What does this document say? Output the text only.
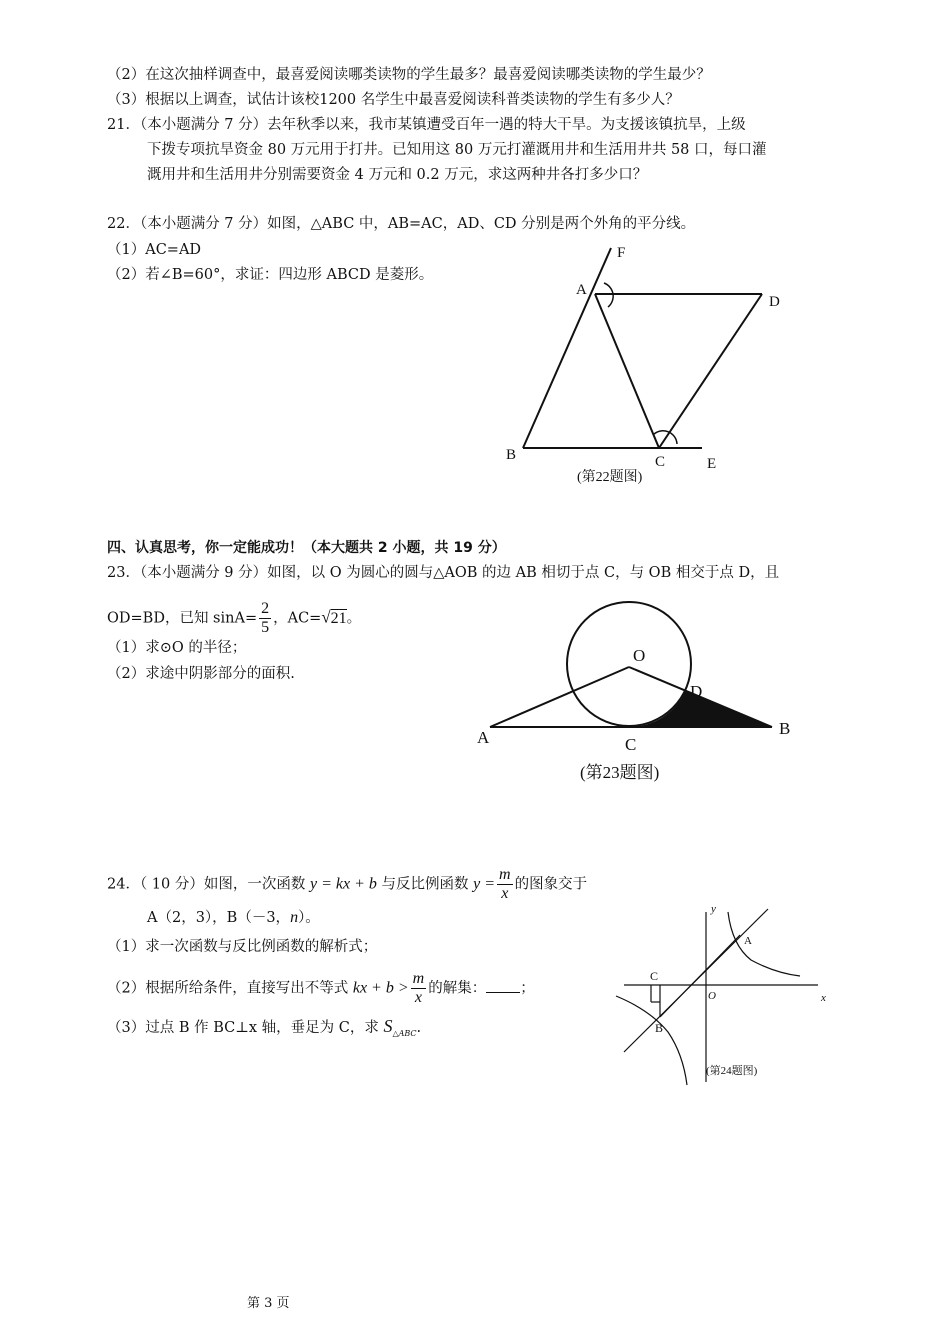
（2）在这次抽样调查中，最喜爱阅读哪类读物的学生最多？最喜爱阅读哪类读物的学生最少？
（3）根据以上调查，试估计该校1200 名学生中最喜爱阅读科普类读物的学生有多少人？
21．（本小题满分 7 分）去年秋季以来，我市某镇遭受百年一遇的特大干旱。为支援该镇抗旱，上级
下拨专项抗旱资金 80 万元用于打井。已知用这 80 万元打灌溉用井和生活用井共 58 口，每口灌
溉用井和生活用井分别需要资金 4 万元和 0.2 万元，求这两种井各打多少口？
22．（本小题满分 7 分）如图，△ABC 中，AB=AC，AD、CD 分别是两个外角的平分线。
（1）AC=AD
（2）若∠B=60°，求证：四边形 ABCD 是菱形。
F
A
D
B	C	E
(第22题图)
四、认真思考，你一定能成功！（本大题共 2 小题，共 19 分）
23．（本小题满分 9 分）如图，以 O 为圆心的圆与△AOB 的边 AB 相切于点 C，与 OB 相交于点 D，且
OD=BD，已知 $\sin A= \frac{2}{5}$ ，AC=√21。
（1）求⊙O 的半径；
（2）求途中阴影部分的面积.
O
D
A	C
B
(第23题图)
24．（ 10 分）如图，一次函数 y = kx + b 与反比例函数 $y = \frac{m}{x}$ 的图象交于
A（2，3），B（－3，n）。
（1）求一次函数与反比例函数的解析式；
（2）根据所给条件，直接写出不等式 kx + $b > \frac{m}{x}$ 的解集： ；
（3）过点 B 作 BC⊥x 轴，垂足为 C，求 $S_{\triangle ABC}$.
y
A
C
O	x
B
(第24题图)
第 3 页
